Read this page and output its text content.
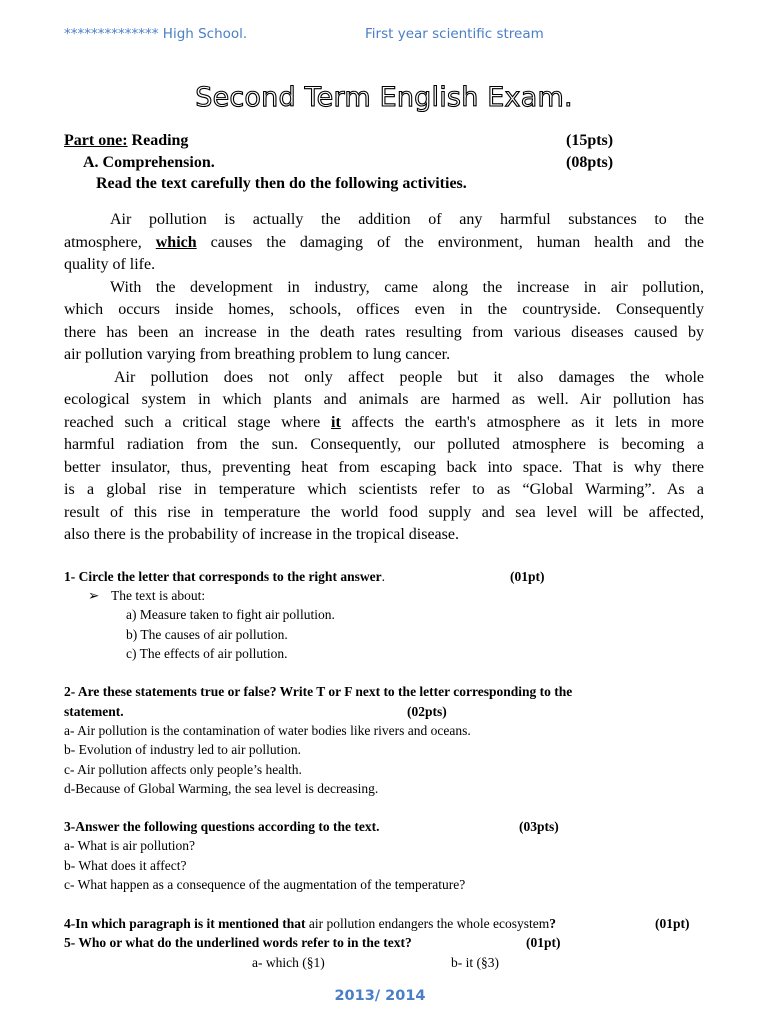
************** High School.	First year scientific stream
Second Term English Exam.
Part one: Reading	(15pts)
A. Comprehension.	(08pts)
Read the text carefully then do the following activities.
Air pollution is actually the addition of any harmful substances to the
atmosphere, which causes the damaging of the environment, human health and the
quality of life.
With the development in industry, came along the increase in air pollution,
which occurs inside homes, schools, offices even in the countryside. Consequently
there has been an increase in the death rates resulting from various diseases caused by
air pollution varying from breathing problem to lung cancer.
Air pollution does not only affect people but it also damages the whole
ecological system in which plants and animals are harmed as well. Air pollution has
reached such a critical stage where it affects the earth's atmosphere as it lets in more
harmful radiation from the sun. Consequently, our polluted atmosphere is becoming a
better insulator, thus, preventing heat from escaping back into space. That is why there
is a global rise in temperature which scientists refer to as “Global Warming”. As a
result of this rise in temperature the world food supply and sea level will be affected,
also there is the probability of increase in the tropical disease.
1- Circle the letter that corresponds to the right answer.	(01pt)
➢ The text is about:
a) Measure taken to fight air pollution.
b) The causes of air pollution.
c) The effects of air pollution.
2- Are these statements true or false? Write T or F next to the letter corresponding to the
statement.	(02pts)
a- Air pollution is the contamination of water bodies like rivers and oceans.
b- Evolution of industry led to air pollution.
c- Air pollution affects only people’s health.
d-Because of Global Warming, the sea level is decreasing.
3-Answer the following questions according to the text.	(03pts)
a- What is air pollution?
b- What does it affect?
c- What happen as a consequence of the augmentation of the temperature?
4-In which paragraph is it mentioned that air pollution endangers the whole ecosystem?	(01pt)
5- Who or what do the underlined words refer to in the text?	(01pt)
a- which (§1)	b- it (§3)
2013/ 2014
